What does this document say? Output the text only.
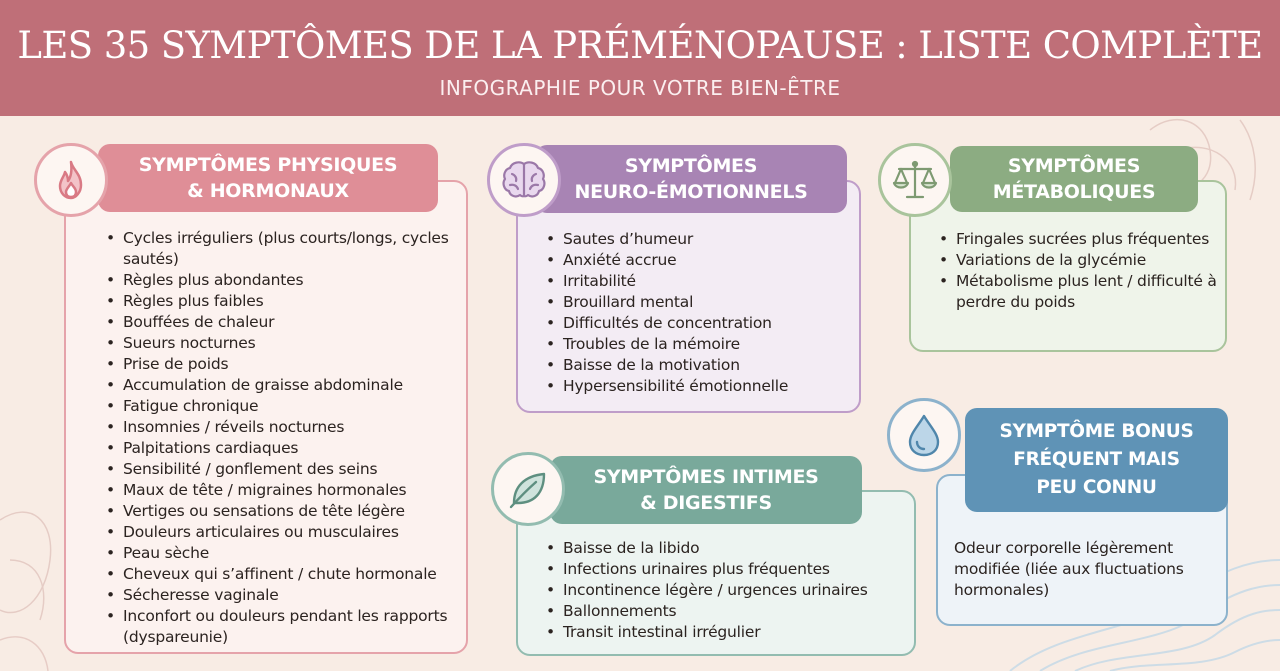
LES 35 SYMPTÔMES DE LA PRÉMÉNOPAUSE : LISTE COMPLÈTE
INFOGRAPHIE POUR VOTRE BIEN-ÊTRE
• Cycles irréguliers (plus courts/longs, cycles sautés)
• Règles plus abondantes
• Règles plus faibles
• Bouffées de chaleur
• Sueurs nocturnes
• Prise de poids
• Accumulation de graisse abdominale
• Fatigue chronique
• Insomnies / réveils nocturnes
• Palpitations cardiaques
• Sensibilité / gonflement des seins
• Maux de tête / migraines hormonales
• Vertiges ou sensations de tête légère
• Douleurs articulaires ou musculaires
• Peau sèche
• Cheveux qui s’affinent / chute hormonale
• Sécheresse vaginale
• Inconfort ou douleurs pendant les rapports (dyspareunie)
SYMPTÔMES PHYSIQUES
& HORMONAUX
• Sautes d’humeur
• Anxiété accrue
• Irritabilité
• Brouillard mental
• Difficultés de concentration
• Troubles de la mémoire
• Baisse de la motivation
• Hypersensibilité émotionnelle
SYMPTÔMES
NEURO-ÉMOTIONNELS
• Fringales sucrées plus fréquentes
• Variations de la glycémie
• Métabolisme plus lent / difficulté à perdre du poids
SYMPTÔMES
MÉTABOLIQUES
• Baisse de la libido
• Infections urinaires plus fréquentes
• Incontinence légère / urgences urinaires
• Ballonnements
• Transit intestinal irrégulier
SYMPTÔMES INTIMES
& DIGESTIFS
Odeur corporelle légèrement modifiée (liée aux fluctuations hormonales)
SYMPTÔME BONUS
FRÉQUENT MAIS
PEU CONNU
